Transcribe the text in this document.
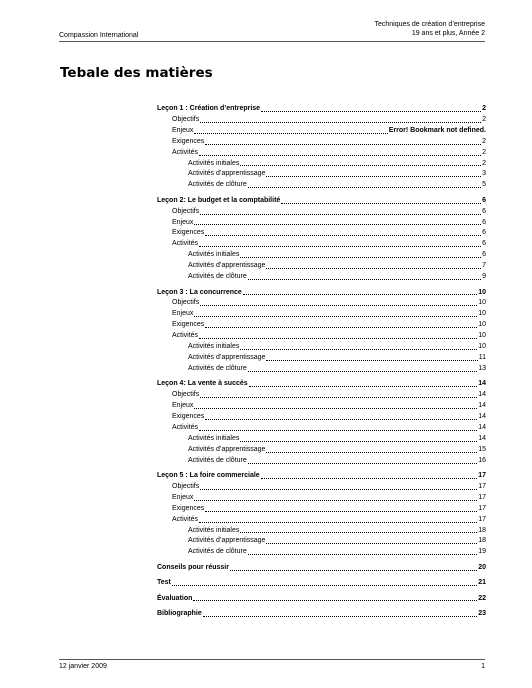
Compassion International
Techniques de création d’entreprise
19 ans et plus, Année 2
Tebale des matières
Leçon 1 : Création d’entreprise	2
Objectifs	2
Enjeux	Error! Bookmark not defined.
Exigences	2
Activités	2
Activités initiales	2
Activités d’apprentissage	3
Activités de clôture	5
Leçon 2: Le budget et la comptabilité	6
Objectifs	6
Enjeux	6
Exigences	6
Activités	6
Activités initiales	6
Activités d’apprentissage	7
Activités de clôture	9
Leçon 3 : La concurrence	10
Objectifs	10
Enjeux	10
Exigences	10
Activités	10
Activités initiales	10
Activités d’apprentissage	11
Activités de clôture	13
Leçon 4: La vente à succès	14
Objectifs	14
Enjeux	14
Exigences	14
Activités	14
Activités initiales	14
Activités d’apprentissage	15
Activités de clôture	16
Leçon 5 : La foire commerciale	17
Objectifs	17
Enjeux	17
Exigences	17
Activités	17
Activités initiales	18
Activités d’apprentissage	18
Activités de clôture	19
Conseils pour réussir	20
Test	21
Évaluation	22
Bibliographie	23
12 janvier 2009	1
